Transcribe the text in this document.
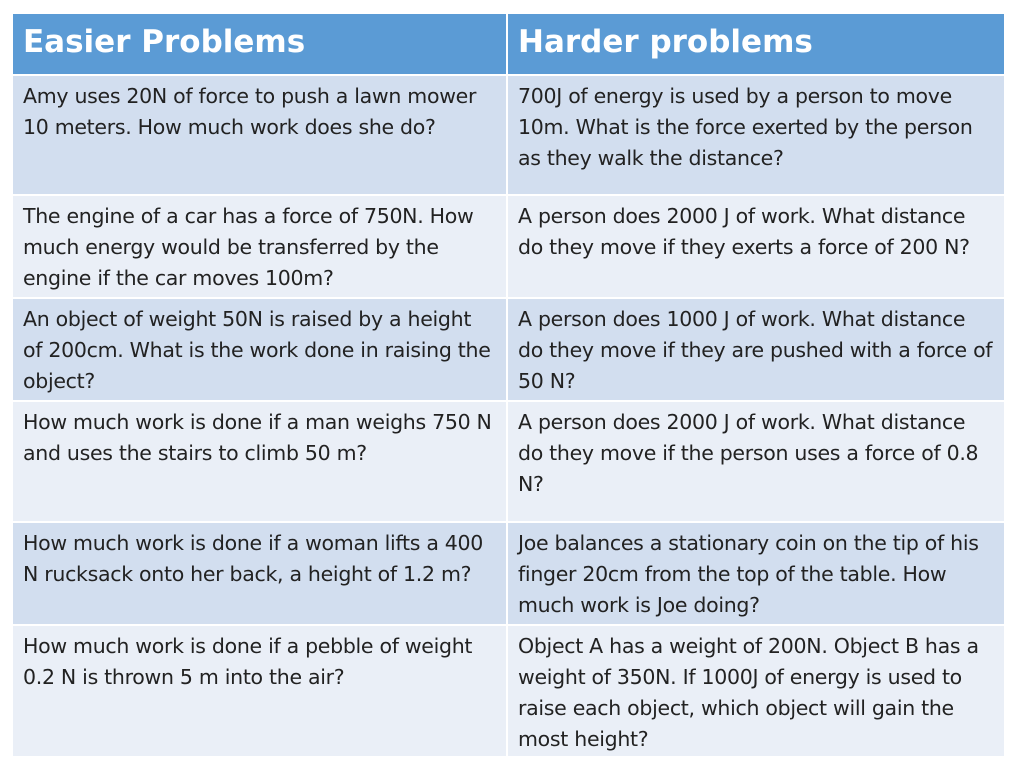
Easier Problems	Harder problems
Amy uses 20N of force to push a lawn mower 10 meters. How much work does she do?	700J of energy is used by a person to move 10m. What is the force exerted by the person as they walk the distance?
The engine of a car has a force of 750N. How much energy would be transferred by the engine if the car moves 100m?	A person does 2000 J of work. What distance do they move if they exerts a force of 200 N?
An object of weight 50N is raised by a height of 200cm. What is the work done in raising the object?	A person does 1000 J of work. What distance do they move if they are pushed with a force of 50 N?
How much work is done if a man weighs 750 N and uses the stairs to climb 50 m?	A person does 2000 J of work. What distance do they move if the person uses a force of 0.8 N?
How much work is done if a woman lifts a 400 N rucksack onto her back, a height of 1.2 m?	Joe balances a stationary coin on the tip of his finger 20cm from the top of the table. How much work is Joe doing?
How much work is done if a pebble of weight 0.2 N is thrown 5 m into the air?	Object A has a weight of 200N. Object B has a weight of 350N. If 1000J of energy is used to raise each object, which object will gain the most height?
